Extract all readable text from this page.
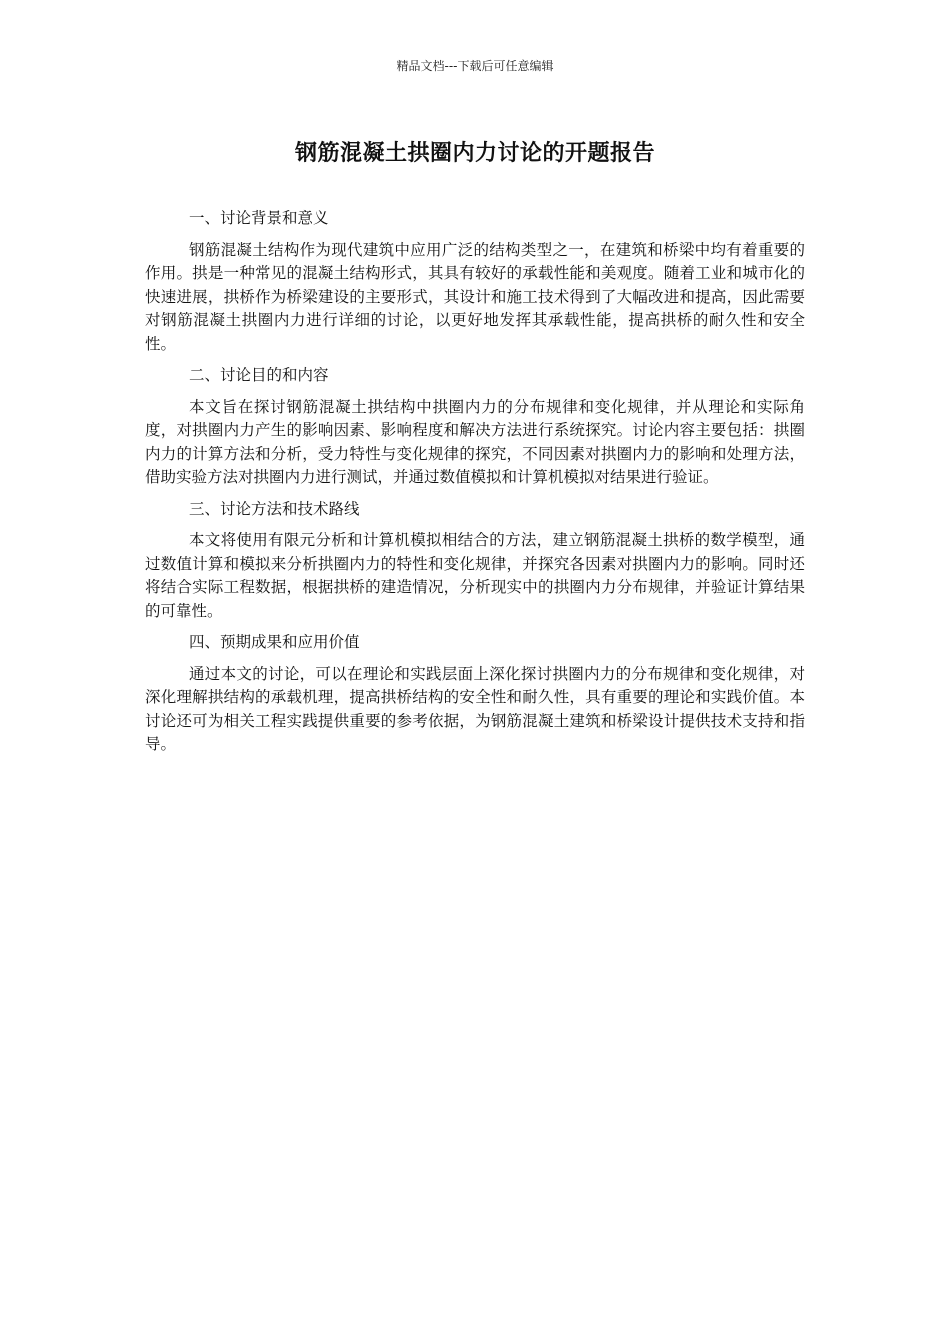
精品文档---下载后可任意编辑
钢筋混凝土拱圈内力讨论的开题报告

一、讨论背景和意义

钢筋混凝土结构作为现代建筑中应用广泛的结构类型之一，在建筑和桥梁中均有着重要的作用。拱是一种常见的混凝土结构形式，其具有较好的承载性能和美观度。随着工业和城市化的快速进展，拱桥作为桥梁建设的主要形式，其设计和施工技术得到了大幅改进和提高，因此需要对钢筋混凝土拱圈内力进行详细的讨论，以更好地发挥其承载性能，提高拱桥的耐久性和安全性。

二、讨论目的和内容

本文旨在探讨钢筋混凝土拱结构中拱圈内力的分布规律和变化规律，并从理论和实际角度，对拱圈内力产生的影响因素、影响程度和解决方法进行系统探究。讨论内容主要包括：拱圈内力的计算方法和分析，受力特性与变化规律的探究，不同因素对拱圈内力的影响和处理方法，借助实验方法对拱圈内力进行测试，并通过数值模拟和计算机模拟对结果进行验证。

三、讨论方法和技术路线

本文将使用有限元分析和计算机模拟相结合的方法，建立钢筋混凝土拱桥的数学模型，通过数值计算和模拟来分析拱圈内力的特性和变化规律，并探究各因素对拱圈内力的影响。同时还将结合实际工程数据，根据拱桥的建造情况，分析现实中的拱圈内力分布规律，并验证计算结果的可靠性。

四、预期成果和应用价值

通过本文的讨论，可以在理论和实践层面上深化探讨拱圈内力的分布规律和变化规律，对深化理解拱结构的承载机理，提高拱桥结构的安全性和耐久性，具有重要的理论和实践价值。本讨论还可为相关工程实践提供重要的参考依据，为钢筋混凝土建筑和桥梁设计提供技术支持和指导。
